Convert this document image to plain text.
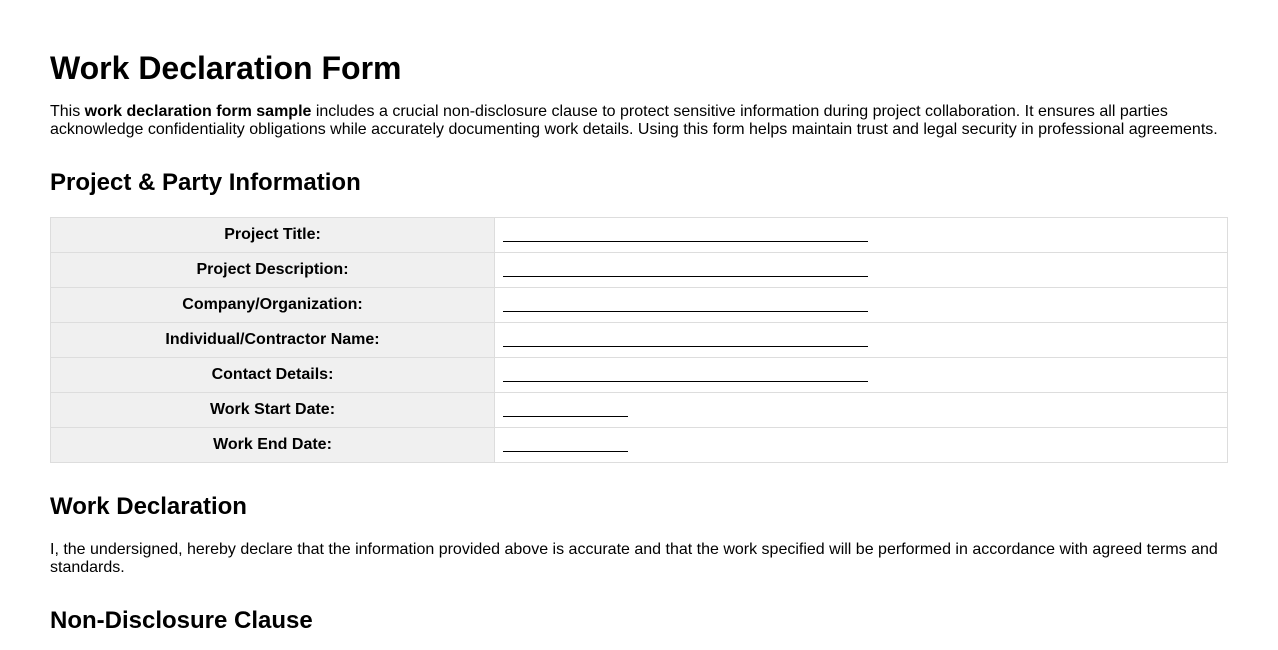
Work Declaration Form

This work declaration form sample includes a crucial non-disclosure clause to protect sensitive information during project collaboration. It ensures all parties acknowledge confidentiality obligations while accurately documenting work details. Using this form helps maintain trust and legal security in professional agreements.

Project & Party Information
Project Title:	
Project Description:	
Company/Organization:	
Individual/Contractor Name:	
Contact Details:	
Work Start Date:	
Work End Date:	
Work Declaration

I, the undersigned, hereby declare that the information provided above is accurate and that the work specified will be performed in accordance with agreed terms and standards.

Non-Disclosure Clause
